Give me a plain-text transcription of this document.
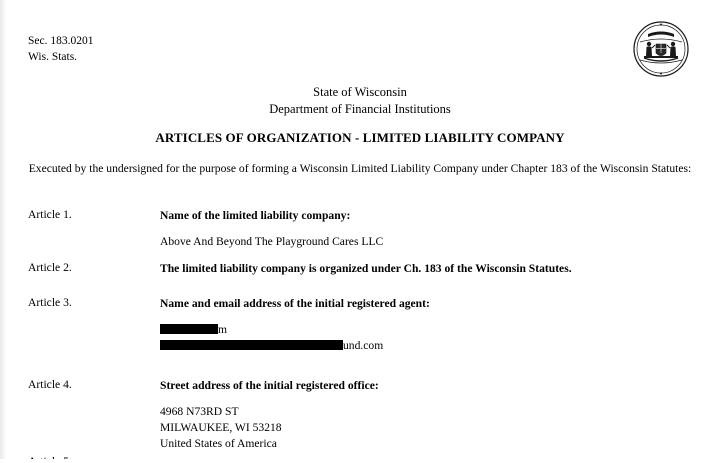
Sec. 183.0201
Wis. Stats.
State of Wisconsin
Department of Financial Institutions
ARTICLES OF ORGANIZATION - LIMITED LIABILITY COMPANY
Executed by the undersigned for the purpose of forming a Wisconsin Limited Liability Company under Chapter 183 of the Wisconsin Statutes:
Article 1.	Name of the limited liability company:
Above And Beyond The Playground Cares LLC
Article 2.	The limited liability company is organized under Ch. 183 of the Wisconsin Statutes.
Article 3.	Name and email address of the initial registered agent:
m
und.com
Article 4.	Street address of the initial registered office:
4968 N73RD ST
MILWAUKEE, WI 53218
United States of America
